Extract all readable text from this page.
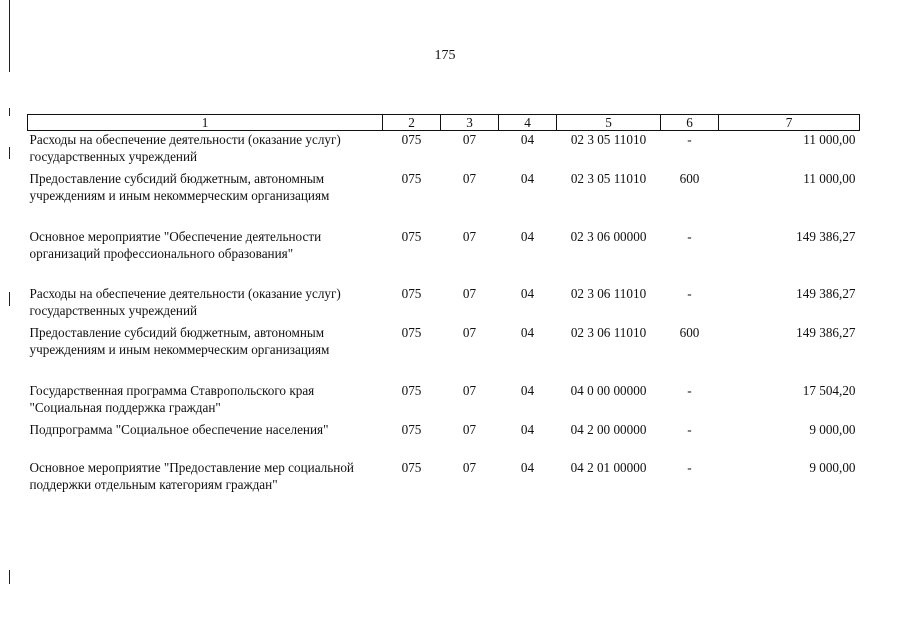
175
1	2	3	4	5	6	7
Расходы на обеспечение деятельности (оказание услуг) государственных учреждений	075	07	04	02 3 05 11010	-	11 000,00
Предоставление субсидий бюджетным, автономным учреждениям и иным некоммерческим организациям	075	07	04	02 3 05 11010	600	11 000,00
Основное мероприятие "Обеспечение деятельности организаций профессионального образования"	075	07	04	02 3 06 00000	-	149 386,27
Расходы на обеспечение деятельности (оказание услуг) государственных учреждений	075	07	04	02 3 06 11010	-	149 386,27
Предоставление субсидий бюджетным, автономным учреждениям и иным некоммерческим организациям	075	07	04	02 3 06 11010	600	149 386,27
Государственная программа Ставропольского края "Социальная поддержка граждан"	075	07	04	04 0 00 00000	-	17 504,20
Подпрограмма "Социальное обеспечение населения"	075	07	04	04 2 00 00000	-	9 000,00
Основное мероприятие "Предоставление мер социальной поддержки отдельным категориям граждан"	075	07	04	04 2 01 00000	-	9 000,00
